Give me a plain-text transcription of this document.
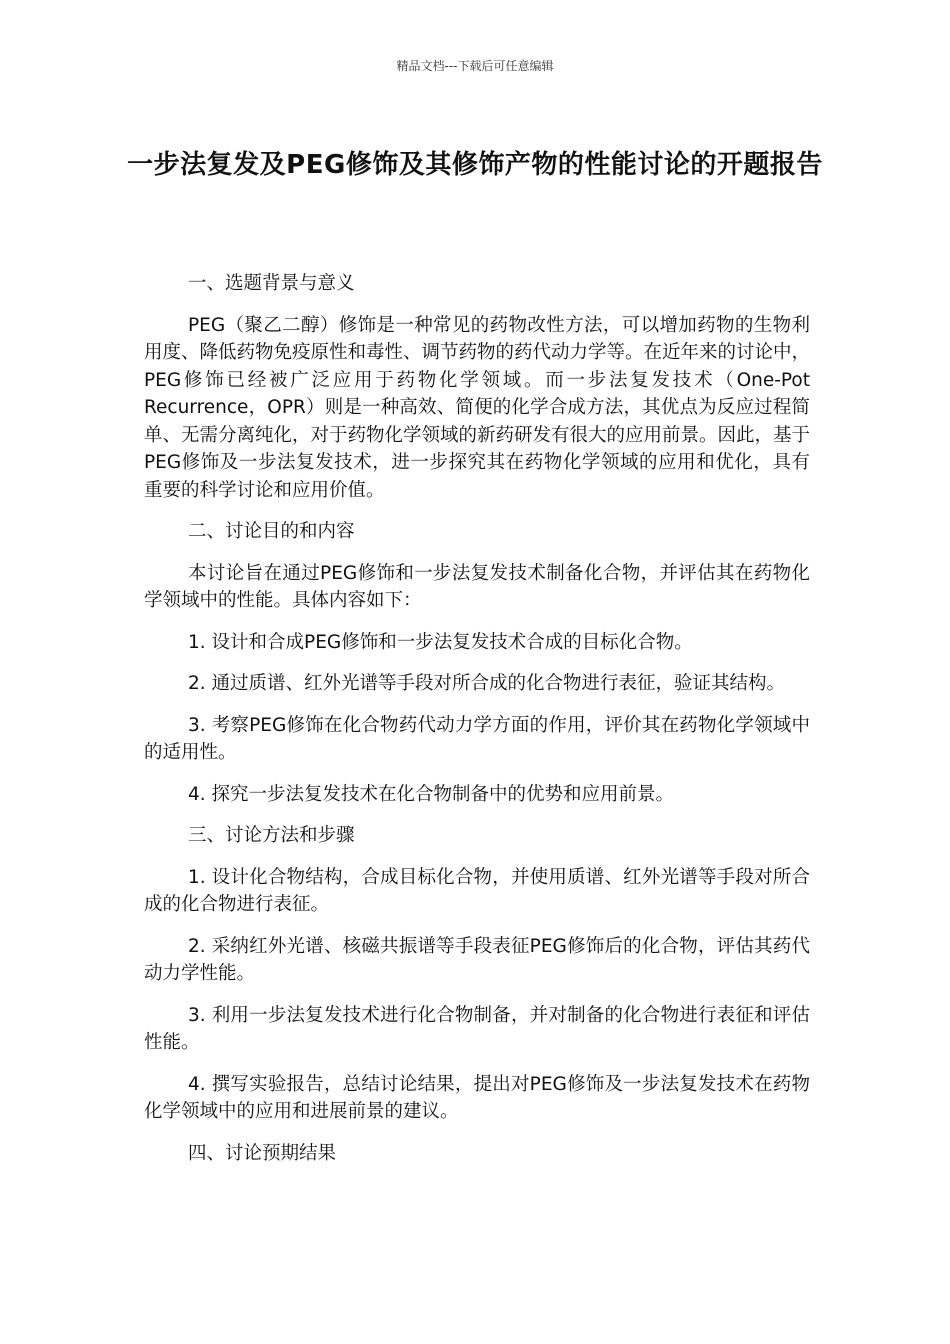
精品文档---下载后可任意编辑
一步法复发及PEG修饰及其修饰产物的性能讨论的开题报告
一、选题背景与意义
PEG（聚乙二醇）修饰是一种常见的药物改性方法，可以增加药物的生物利用度、降低药物免疫原性和毒性、调节药物的药代动力学等。在近年来的讨论中，PEG修饰已经被广泛应用于药物化学领域。而一步法复发技术（One-Pot Recurrence，OPR）则是一种高效、简便的化学合成方法，其优点为反应过程简单、无需分离纯化，对于药物化学领域的新药研发有很大的应用前景。因此，基于PEG修饰及一步法复发技术，进一步探究其在药物化学领域的应用和优化，具有重要的科学讨论和应用价值。
二、讨论目的和内容
本讨论旨在通过PEG修饰和一步法复发技术制备化合物，并评估其在药物化学领域中的性能。具体内容如下：
1. 设计和合成PEG修饰和一步法复发技术合成的目标化合物。
2. 通过质谱、红外光谱等手段对所合成的化合物进行表征，验证其结构。
3. 考察PEG修饰在化合物药代动力学方面的作用，评价其在药物化学领域中的适用性。
4. 探究一步法复发技术在化合物制备中的优势和应用前景。
三、讨论方法和步骤
1. 设计化合物结构，合成目标化合物，并使用质谱、红外光谱等手段对所合成的化合物进行表征。
2. 采纳红外光谱、核磁共振谱等手段表征PEG修饰后的化合物，评估其药代动力学性能。
3. 利用一步法复发技术进行化合物制备，并对制备的化合物进行表征和评估性能。
4. 撰写实验报告，总结讨论结果，提出对PEG修饰及一步法复发技术在药物化学领域中的应用和进展前景的建议。
四、讨论预期结果
